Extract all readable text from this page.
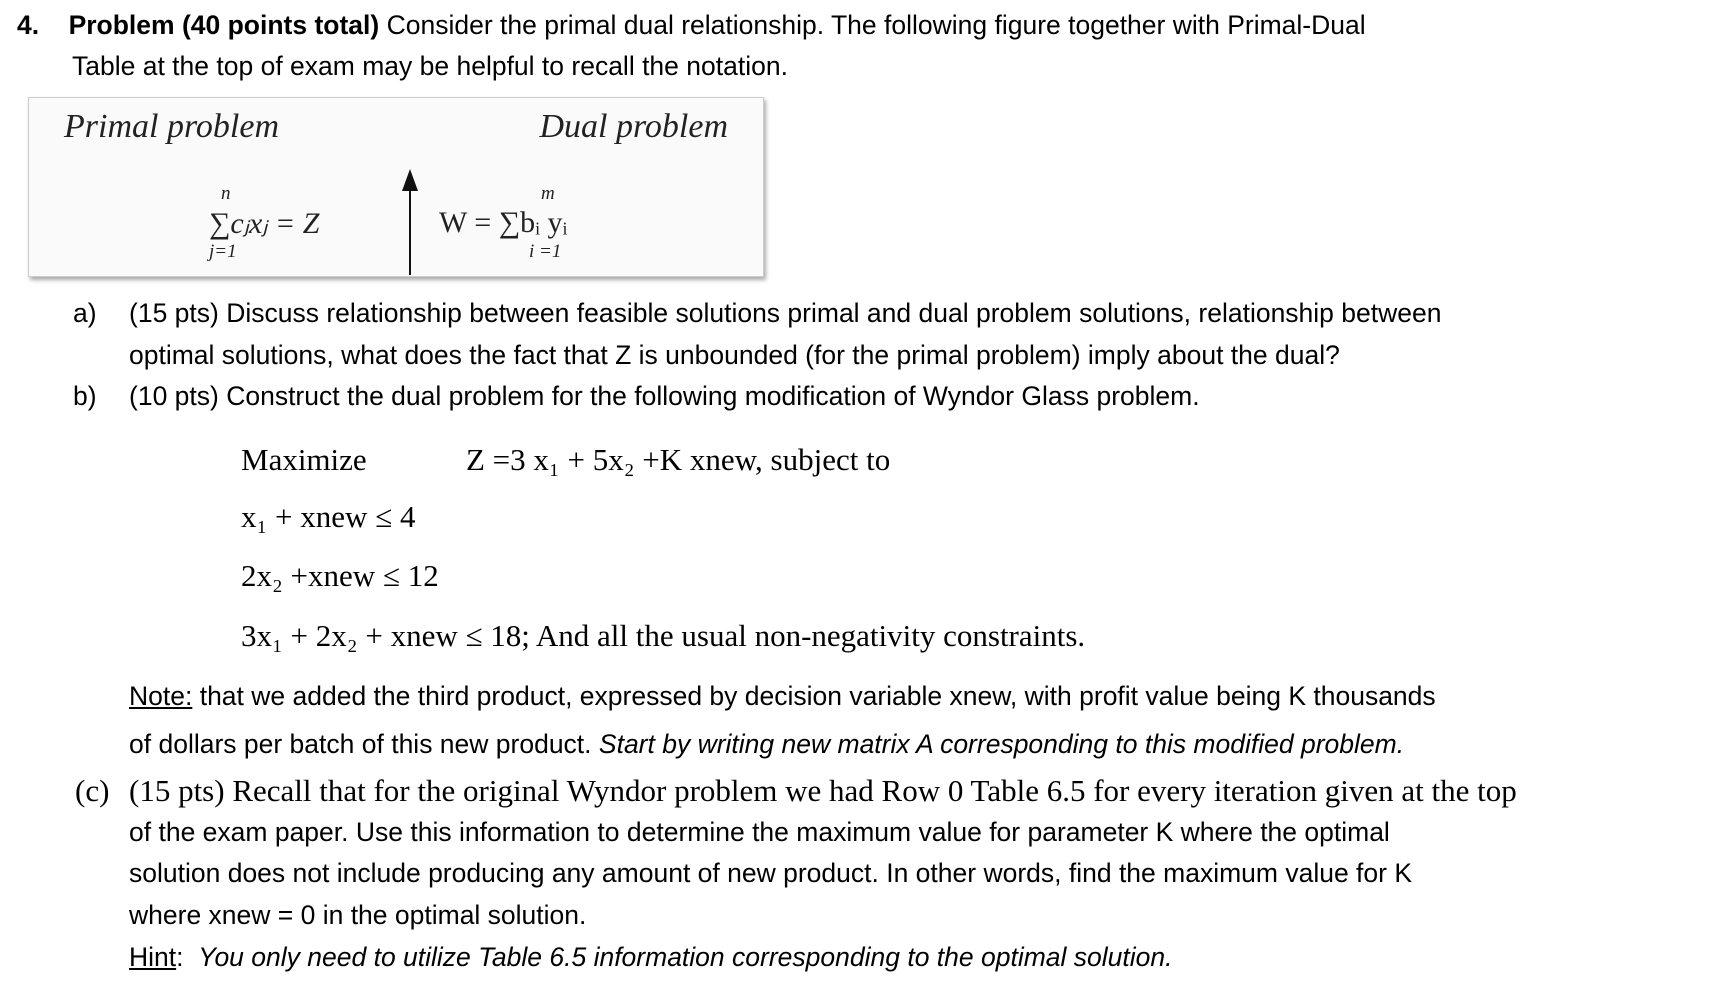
4. Problem (40 points total) Consider the primal dual relationship. The following figure together with Primal-Dual
Table at the top of exam may be helpful to recall the notation.
Primal problem	Dual problem
n
j=1
∑cⱼxⱼ = Z
m
i =1
W = ∑bᵢ yᵢ
a) (15 pts) Discuss relationship between feasible solutions primal and dual problem solutions, relationship between
optimal solutions, what does the fact that Z is unbounded (for the primal problem) imply about the dual?
b) (10 pts) Construct the dual problem for the following modification of Wyndor Glass problem.
Maximize	Z =3 x₁ + 5x₂ +K xnew, subject to
x₁ + xnew ≤ 4
2x₂ +xnew ≤ 12
3x₁ + 2x₂ + xnew ≤ 18; And all the usual non-negativity constraints.
Note: that we added the third product, expressed by decision variable xnew, with profit value being K thousands
of dollars per batch of this new product. Start by writing new matrix A corresponding to this modified problem.
(c) (15 pts) Recall that for the original Wyndor problem we had Row 0 Table 6.5 for every iteration given at the top
of the exam paper. Use this information to determine the maximum value for parameter K where the optimal
solution does not include producing any amount of new product. In other words, find the maximum value for K
where xnew = 0 in the optimal solution.
Hint:  You only need to utilize Table 6.5 information corresponding to the optimal solution.
